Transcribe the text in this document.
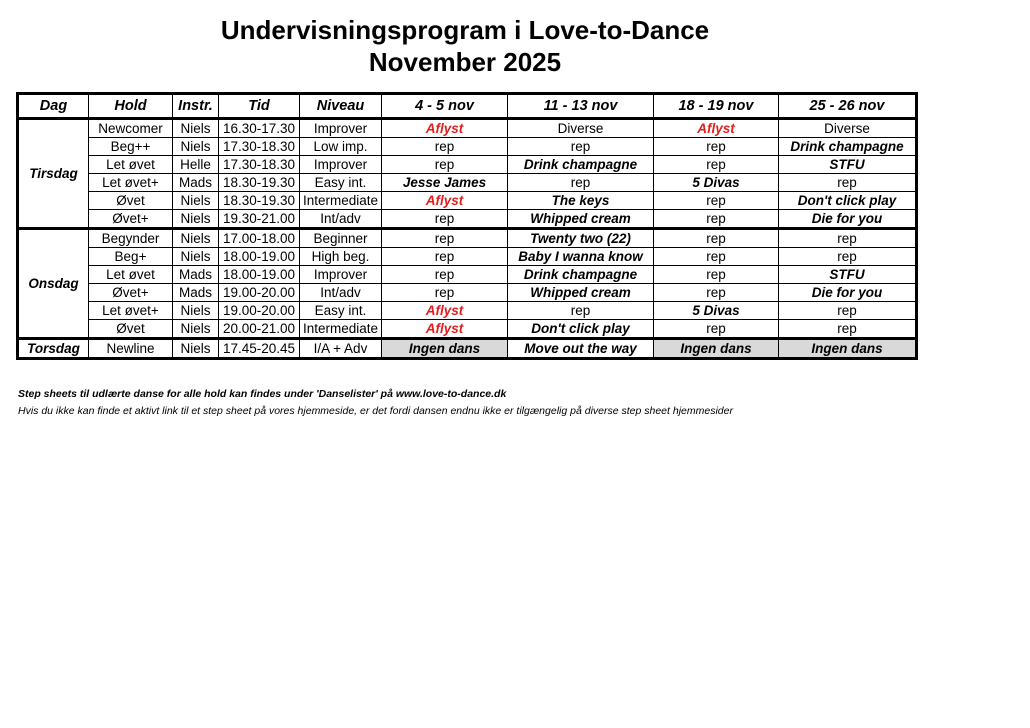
Undervisningsprogram i Love-to-Dance
November 2025
Dag	Hold	Instr.	Tid	Niveau	4 - 5 nov	11 - 13 nov	18 - 19 nov	25 - 26 nov
Tirsdag	Newcomer	Niels	16.30-17.30	Improver	Aflyst	Diverse	Aflyst	Diverse
	Beg++	Niels	17.30-18.30	Low imp.	rep	rep	rep	Drink champagne
	Let øvet	Helle	17.30-18.30	Improver	rep	Drink champagne	rep	STFU
	Let øvet+	Mads	18.30-19.30	Easy int.	Jesse James	rep	5 Divas	rep
	Øvet	Niels	18.30-19.30	Intermediate	Aflyst	The keys	rep	Don't click play
	Øvet+	Niels	19.30-21.00	Int/adv	rep	Whipped cream	rep	Die for you
Onsdag	Begynder	Niels	17.00-18.00	Beginner	rep	Twenty two (22)	rep	rep
	Beg+	Niels	18.00-19.00	High beg.	rep	Baby I wanna know	rep	rep
	Let øvet	Mads	18.00-19.00	Improver	rep	Drink champagne	rep	STFU
	Øvet+	Mads	19.00-20.00	Int/adv	rep	Whipped cream	rep	Die for you
	Let øvet+	Niels	19.00-20.00	Easy int.	Aflyst	rep	5 Divas	rep
	Øvet	Niels	20.00-21.00	Intermediate	Aflyst	Don't click play	rep	rep
Torsdag	Newline	Niels	17.45-20.45	I/A + Adv	Ingen dans	Move out the way	Ingen dans	Ingen dans
Step sheets til udlærte danse for alle hold kan findes under 'Danselister' på www.love-to-dance.dk
Hvis du ikke kan finde et aktivt link til et step sheet på vores hjemmeside, er det fordi dansen endnu ikke er tilgængelig på diverse step sheet hjemmesider
